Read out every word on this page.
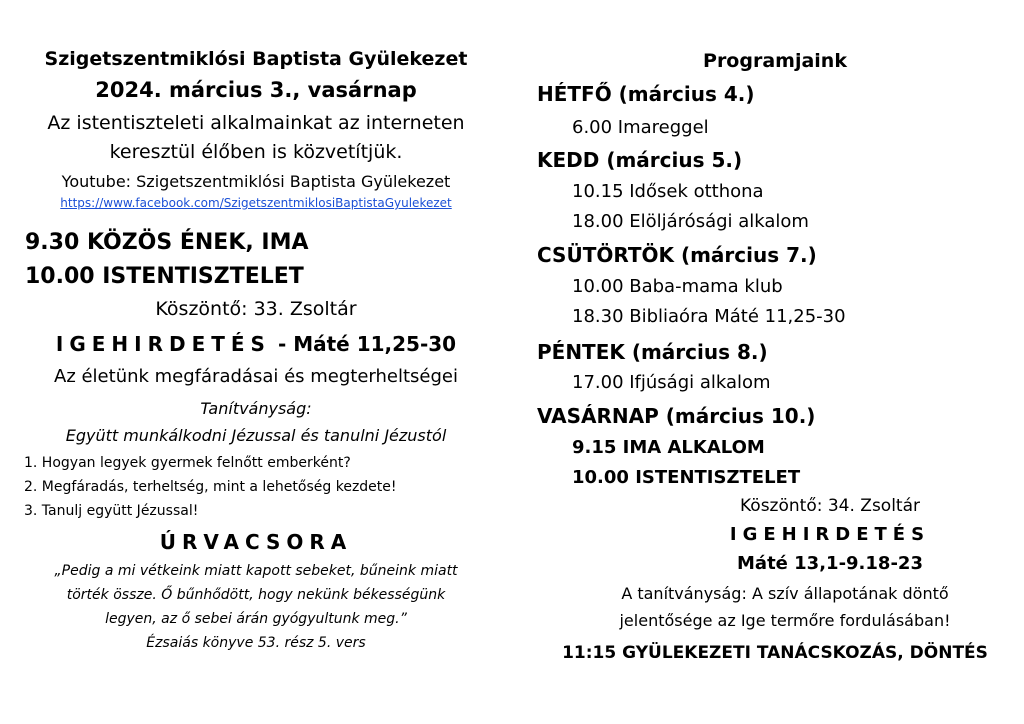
Szigetszentmiklósi Baptista Gyülekezet
2024. március 3., vasárnap
Az istentiszteleti alkalmainkat az interneten
keresztül élőben is közvetítjük.
Youtube: Szigetszentmiklósi Baptista Gyülekezet
https://www.facebook.com/SzigetszentmiklosiBaptistaGyulekezet
9.30 KÖZÖS ÉNEK, IMA
10.00 ISTENTISZTELET
Köszöntő: 33. Zsoltár
IGEHIRDETÉS - Máté 11,25-30
Az életünk megfáradásai és megterheltségei
Tanítványság:
Együtt munkálkodni Jézussal és tanulni Jézustól
1. Hogyan legyek gyermek felnőtt emberként?
2. Megfáradás, terheltség, mint a lehetőség kezdete!
3. Tanulj együtt Jézussal!
ÚRVACSORA
„Pedig a mi vétkeink miatt kapott sebeket, bűneink miatt
törték össze. Ő bűnhődött, hogy nekünk békességünk
legyen, az ő sebei árán gyógyultunk meg.”
Ézsaiás könyve 53. rész 5. vers
Programjaink
HÉTFŐ (március 4.)
6.00 Imareggel
KEDD (március 5.)
10.15 Idősek otthona
18.00 Elöljárósági alkalom
CSÜTÖRTÖK (március 7.)
10.00 Baba-mama klub
18.30 Bibliaóra Máté 11,25-30
PÉNTEK (március 8.)
17.00 Ifjúsági alkalom
VASÁRNAP (március 10.)
9.15 IMA ALKALOM
10.00 ISTENTISZTELET
Köszöntő: 34. Zsoltár
IGEHIRDETÉS
Máté 13,1-9.18-23
A tanítványság: A szív állapotának döntő
jelentősége az Ige termőre fordulásában!
11:15 GYÜLEKEZETI TANÁCSKOZÁS, DÖNTÉS
